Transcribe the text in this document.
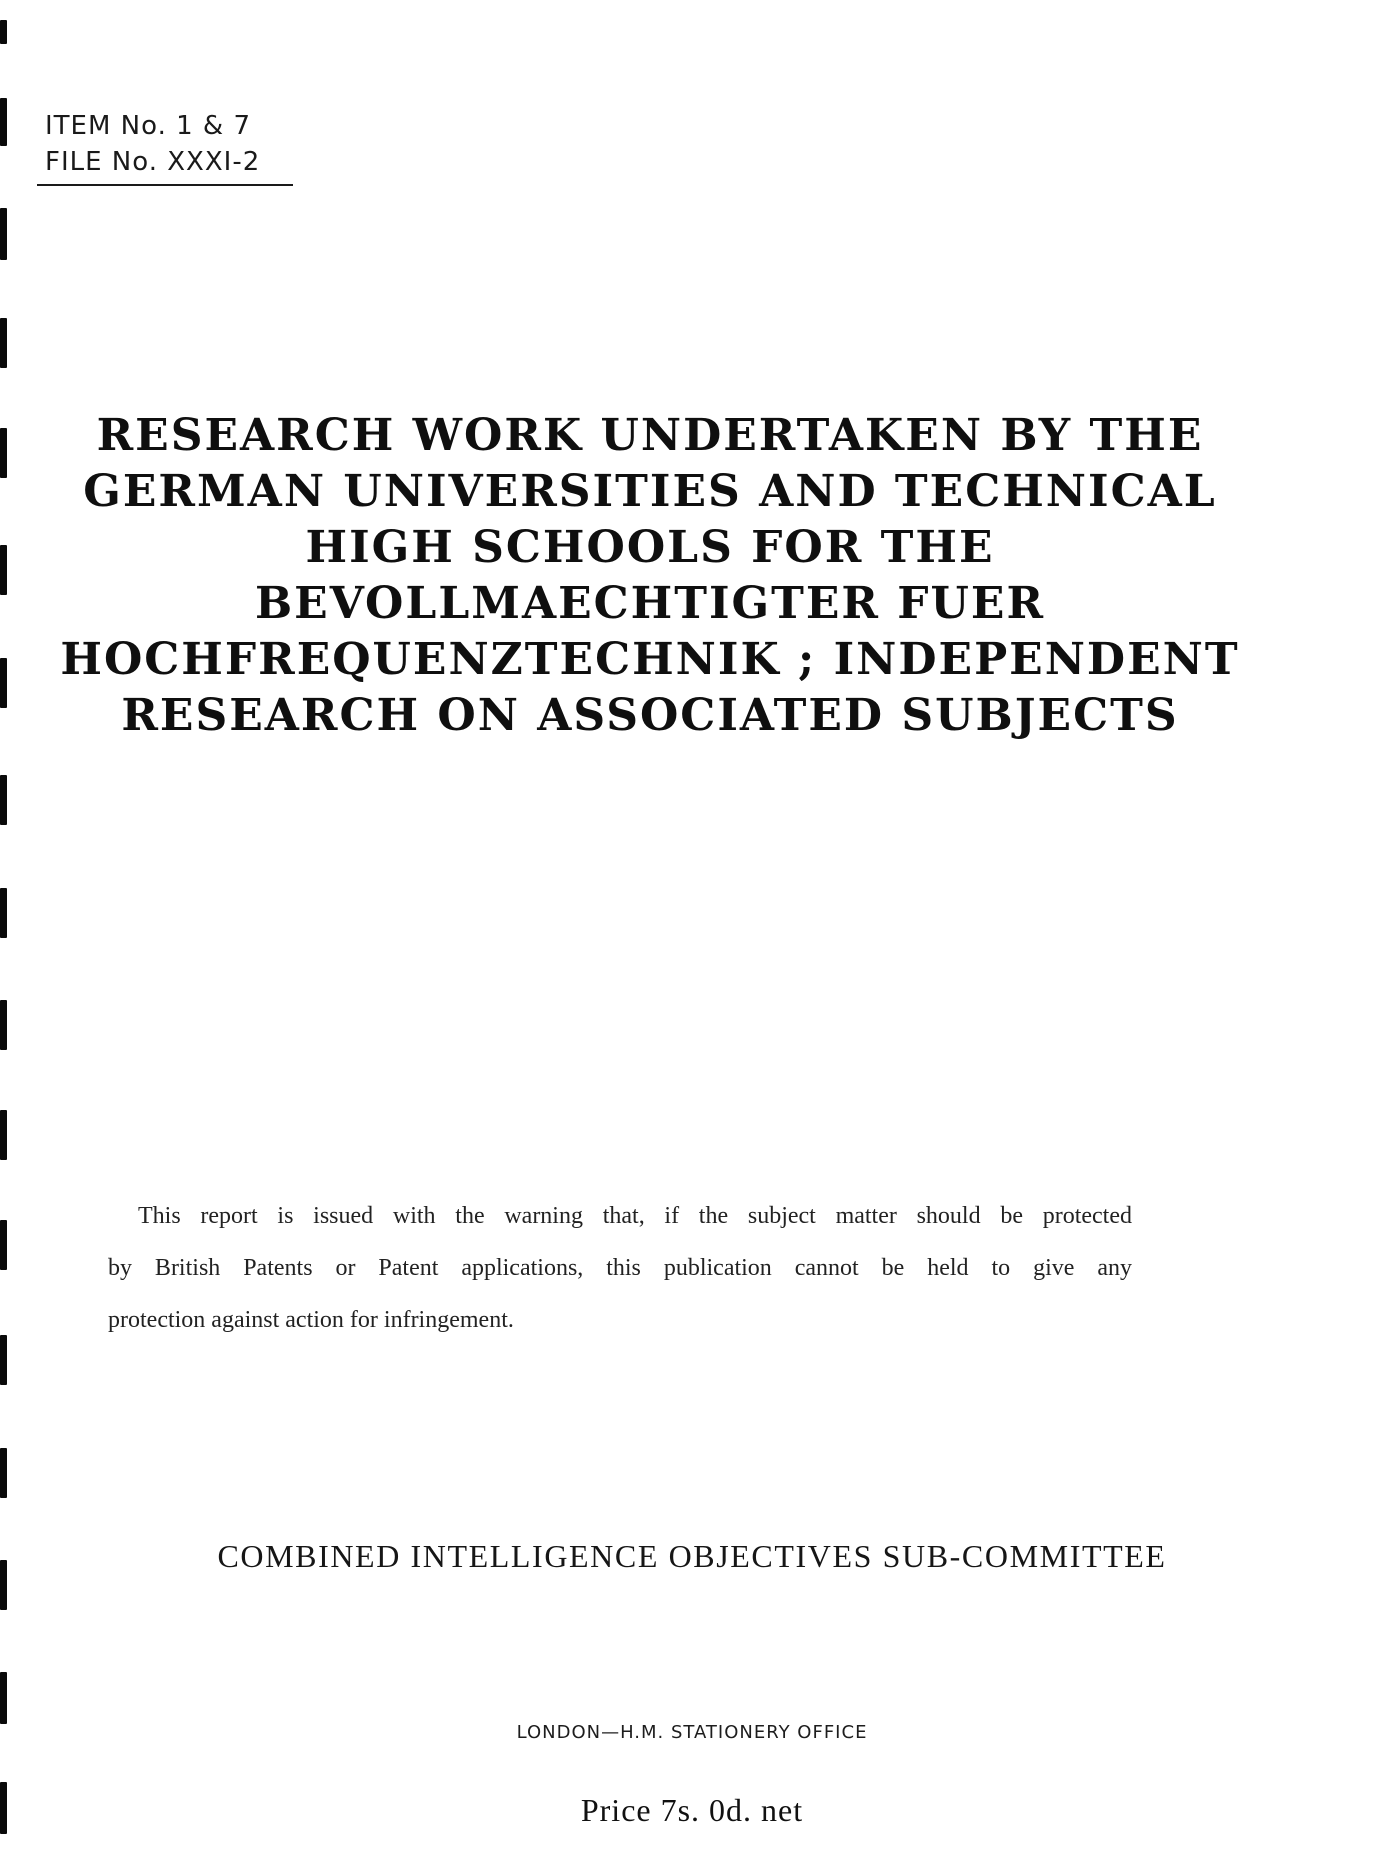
ITEM No. 1 & 7
FILE No. XXXI-2
RESEARCH WORK UNDERTAKEN BY THE
GERMAN UNIVERSITIES AND TECHNICAL
HIGH SCHOOLS FOR THE
BEVOLLMAECHTIGTER FUER
HOCHFREQUENZTECHNIK ; INDEPENDENT
RESEARCH ON ASSOCIATED SUBJECTS
This report is issued with the warning that, if the subject matter should be protected
by British Patents or Patent applications, this publication cannot be held to give any
protection against action for infringement.
COMBINED INTELLIGENCE OBJECTIVES SUB-COMMITTEE
LONDON—H.M. STATIONERY OFFICE
Price 7s. 0d. net
